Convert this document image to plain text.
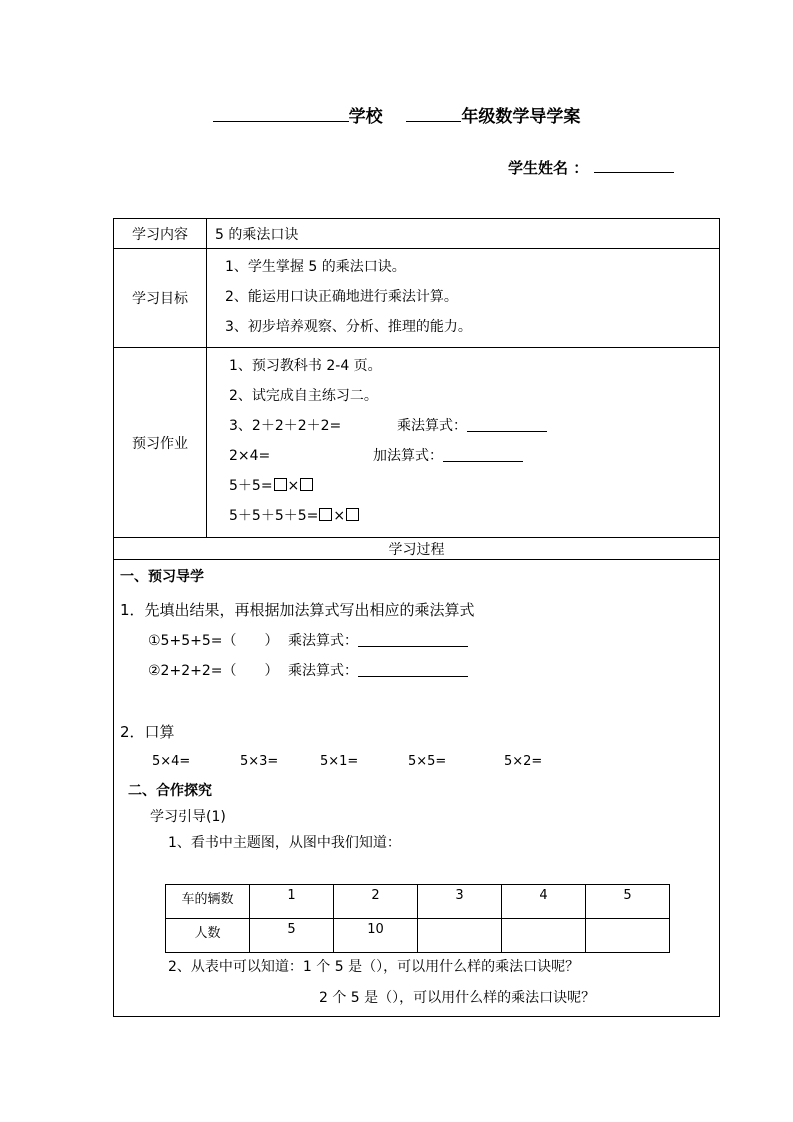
学校	年级数学导学案
学生姓名 ：
学习内容	5 的乘法口诀
学习目标	
1、学生掌握 5 的乘法口诀。
2、能运用口诀正确地进行乘法计算。
3、初步培养观察、分析、推理的能力。

预习作业	
1、预习教科书 2-4 页。
2、试完成自主练习二。
3、2＋2＋2＋2=	乘法算式：
2×4=	加法算式：
5＋5= ×
5＋5＋5＋5= ×

学习过程

一、预习导学
1．先填出结果，再根据加法算式写出相应的乘法算式
①5+5+5=（　　） 乘法算式：
②2+2+2=（　　） 乘法算式：
2．口算
5×4=	5×3=	5×1=	5×5=	5×2=
二、合作探究
学习引导(1)
1、看书中主题图，从图中我们知道：
车的辆数	1	2	3	4	5
人数	5	10			
2、从表中可以知道：1 个 5 是（），可以用什么样的乘法口诀呢？
2 个 5 是（），可以用什么样的乘法口诀呢？
